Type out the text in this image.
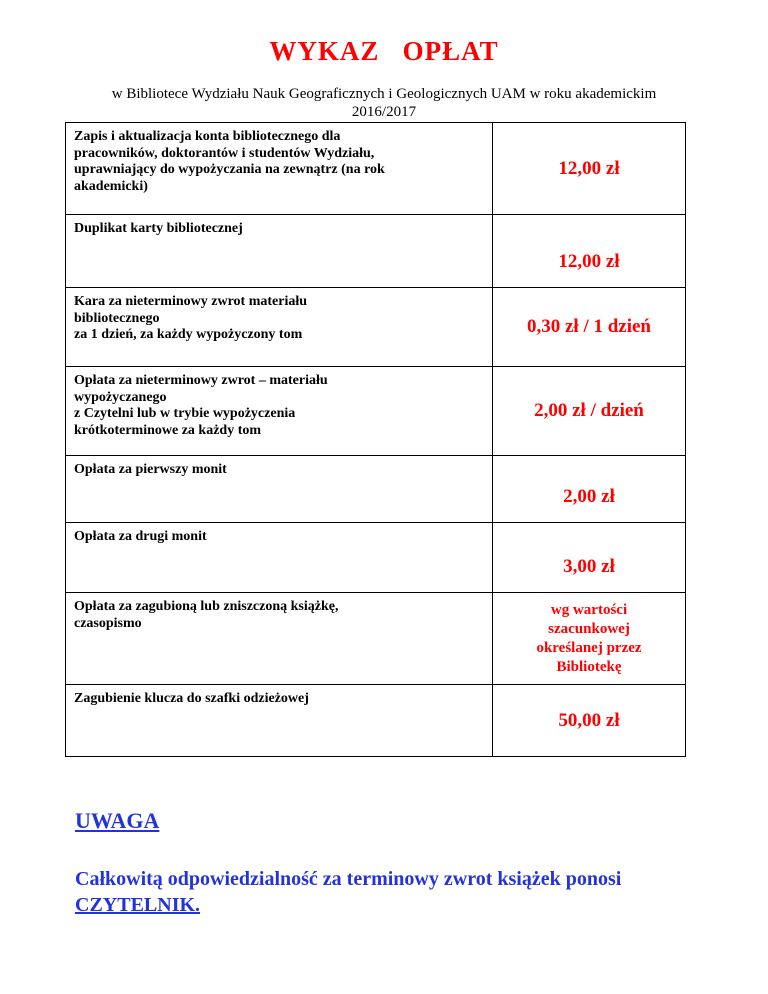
WYKAZ   OPŁAT
w Bibliotece Wydziału Nauk Geograficznych i Geologicznych UAM w roku akademickim 2016/2017
Zapis i aktualizacja konta bibliotecznego dla
pracowników, doktorantów i studentów Wydziału,
uprawniający do wypożyczania na zewnątrz (na rok
akademicki)	12,00 zł
Duplikat karty bibliotecznej	12,00 zł
Kara za nieterminowy zwrot materiału
bibliotecznego
za 1 dzień, za każdy wypożyczony tom	0,30 zł / 1 dzień
Opłata za nieterminowy zwrot – materiału
wypożyczanego
z Czytelni lub w trybie wypożyczenia
krótkoterminowe za każdy tom	2,00 zł / dzień
Opłata za pierwszy monit	2,00 zł
Opłata za drugi monit	3,00 zł
Opłata za zagubioną lub zniszczoną książkę,
czasopismo	wg wartości
szacunkowej
określanej przez
Bibliotekę
Zagubienie klucza do szafki odzieżowej	50,00 zł
UWAGA
Całkowitą odpowiedzialność za terminowy zwrot książek ponosi CZYTELNIK.
